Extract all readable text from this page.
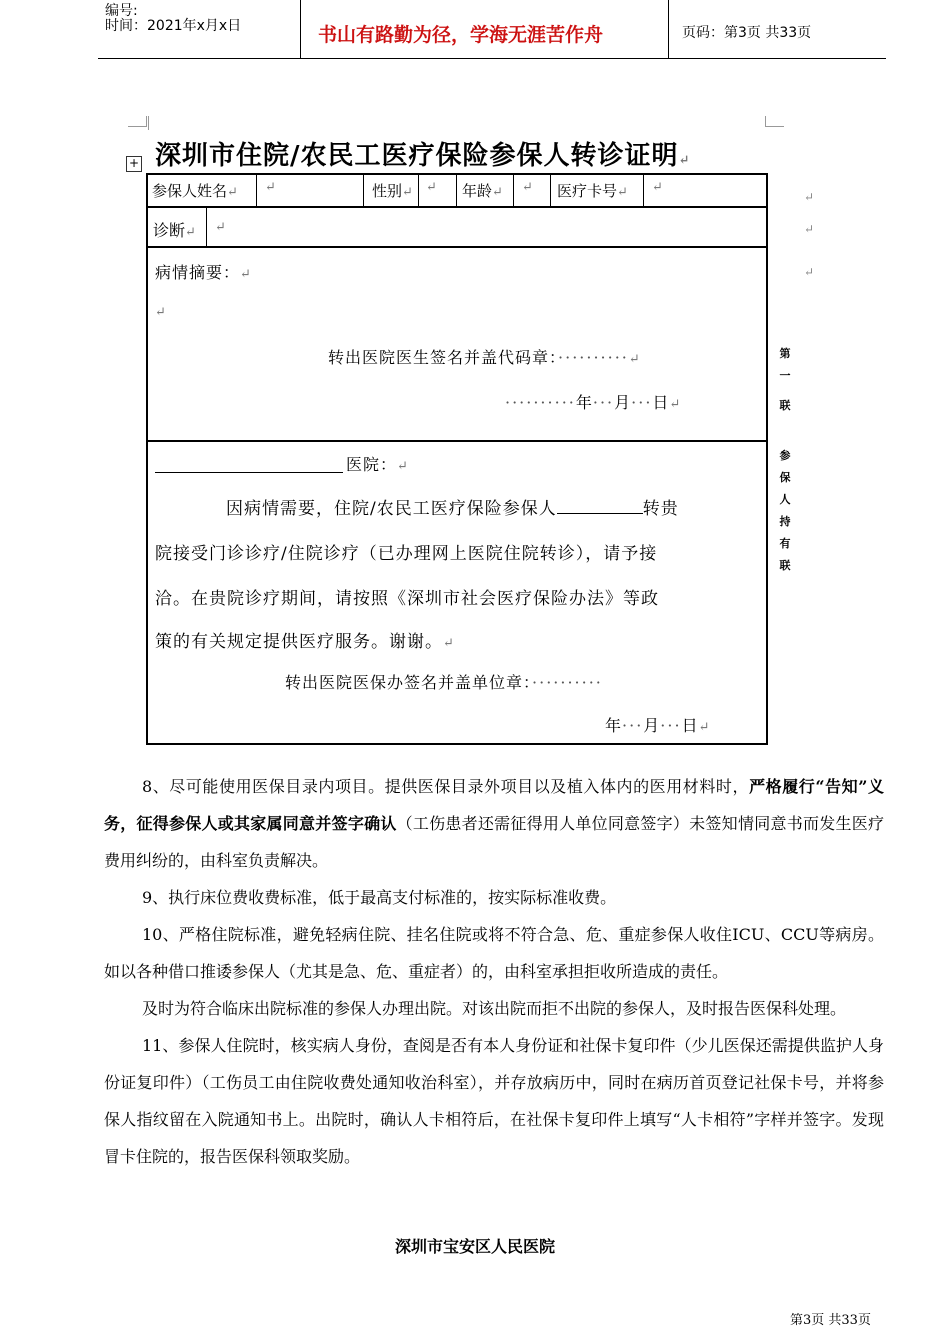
编号:
时间：2021年x月x日	书山有路勤为径，学海无涯苦作舟	页码：第3页 共33页
+ 深圳市住院/农民工医疗保险参保人转诊证明↵
参保人姓名↵ ↵	性别↵ ↵ 年龄↵ ↵ 医疗卡号↵ ↵
诊断↵ ↵
病情摘要：↵
↵
转出医院医生签名并盖代码章：··········↵
··········年···月···日↵
医院：↵
因病情需要，住院/农民工医疗保险参保人	转贵
院接受门诊诊疗/住院诊疗（已办理网上医院住院转诊），请予接
洽。在贵院诊疗期间，请按照《深圳市社会医疗保险办法》等政
策的有关规定提供医疗服务。谢谢。↵
转出医院医保办签名并盖单位章：··········
年···月···日↵
第
一
联
参
保
人
持
有
联
↵
↵
↵

8、尽可能使用医保目录内项目。提供医保目录外项目以及植入体内的医用材料时，严格履行“告知”义务，征得参保人或其家属同意并签字确认（工伤患者还需征得用人单位同意签字）未签知情同意书而发生医疗费用纠纷的，由科室负责解决。

9、执行床位费收费标准，低于最高支付标准的，按实际标准收费。

10、严格住院标准，避免轻病住院、挂名住院或将不符合急、危、重症参保人收住ICU、CCU等病房。如以各种借口推诿参保人（尤其是急、危、重症者）的，由科室承担拒收所造成的责任。

及时为符合临床出院标准的参保人办理出院。对该出院而拒不出院的参保人，及时报告医保科处理。

11、参保人住院时，核实病人身份，查阅是否有本人身份证和社保卡复印件（少儿医保还需提供监护人身份证复印件）（工伤员工由住院收费处通知收治科室），并存放病历中，同时在病历首页登记社保卡号，并将参保人指纹留在入院通知书上。出院时，确认人卡相符后，在社保卡复印件上填写“人卡相符”字样并签字。发现冒卡住院的，报告医保科领取奖励。

深圳市宝安区人民医院
第3页 共33页
